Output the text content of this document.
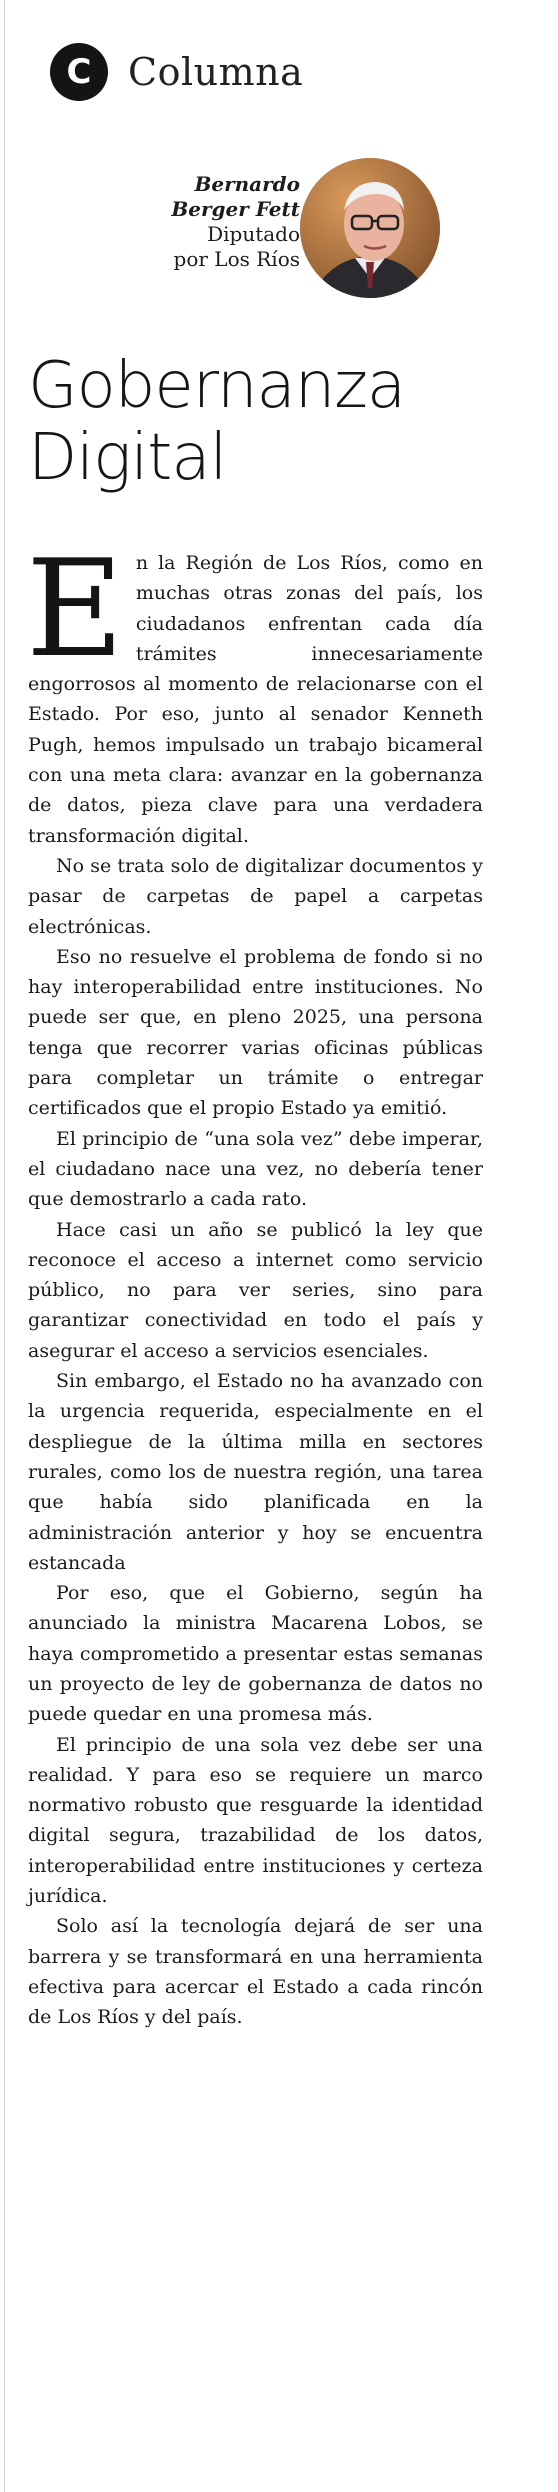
C Columna
Bernardo
Berger Fett
Diputado
por Los Ríos
Gobernanza
Digital

En la Región de Los Ríos, como en muchas otras zonas del país, los ciudadanos enfrentan cada día trámites innecesariamente engorrosos al momento de relacionarse con el Estado. Por eso, junto al senador Kenneth Pugh, hemos impulsado un trabajo bicameral con una meta clara: avanzar en la gobernanza de datos, pieza clave para una verdadera transformación digital.

No se trata solo de digitalizar documentos y pasar de carpetas de papel a carpetas electrónicas.

Eso no resuelve el problema de fondo si no hay interoperabilidad entre instituciones. No puede ser que, en pleno 2025, una persona tenga que recorrer varias oficinas públicas para completar un trámite o entregar certificados que el propio Estado ya emitió.

El principio de “una sola vez” debe imperar, el ciudadano nace una vez, no debería tener que demostrarlo a cada rato.

Hace casi un año se publicó la ley que reconoce el acceso a internet como servicio público, no para ver series, sino para garantizar conectividad en todo el país y asegurar el acceso a servicios esenciales.

Sin embargo, el Estado no ha avanzado con la urgencia requerida, especialmente en el despliegue de la última milla en sectores rurales, como los de nuestra región, una tarea que había sido planificada en la administración anterior y hoy se encuentra estancada

Por eso, que el Gobierno, según ha anunciado la ministra Macarena Lobos, se haya comprometido a presentar estas semanas un proyecto de ley de gobernanza de datos no puede quedar en una promesa más.

El principio de una sola vez debe ser una realidad. Y para eso se requiere un marco normativo robusto que resguarde la identidad digital segura, trazabilidad de los datos, interoperabilidad entre instituciones y certeza jurídica.

Solo así la tecnología dejará de ser una barrera y se transformará en una herramienta efectiva para acercar el Estado a cada rincón de Los Ríos y del país.
